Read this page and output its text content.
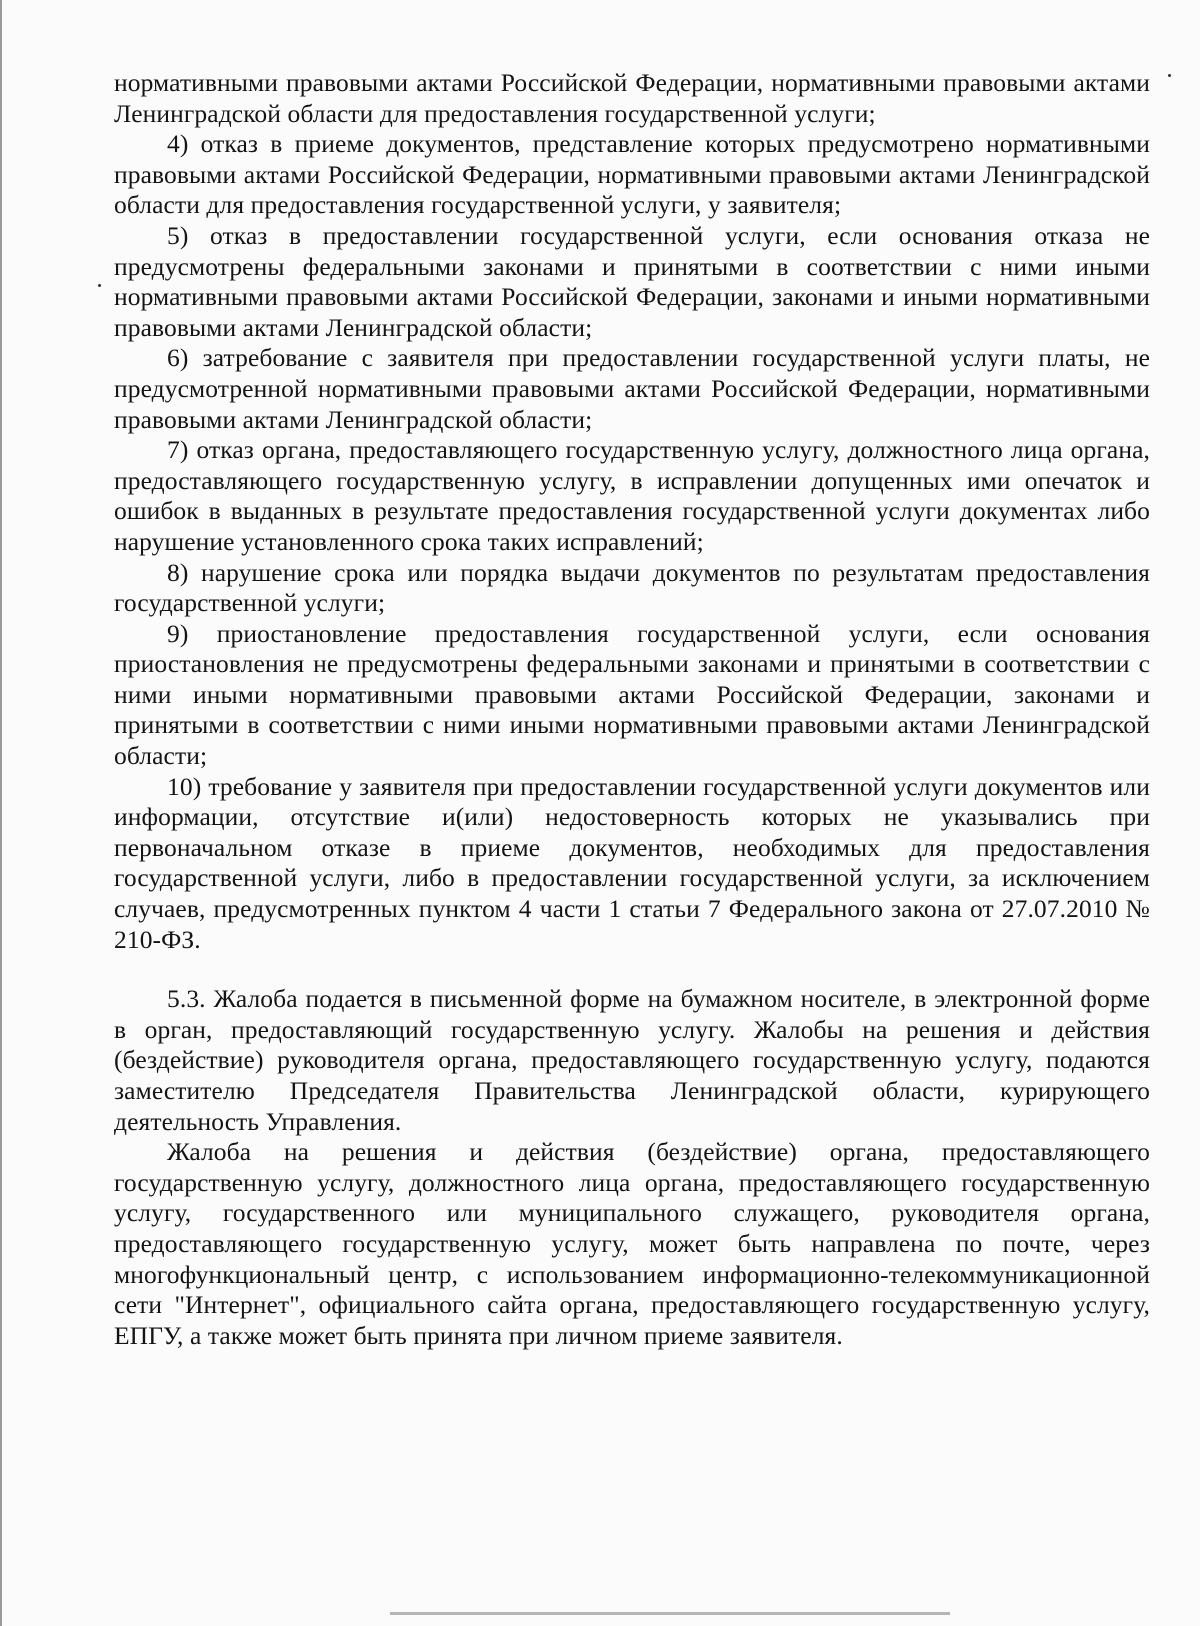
нормативными правовыми актами Российской Федерации, нормативными правовыми актами Ленинградской области для предоставления государственной услуги;

4) отказ в приеме документов, представление которых предусмотрено нормативными правовыми актами Российской Федерации, нормативными правовыми актами Ленинградской области для предоставления государственной услуги, у заявителя;

5) отказ в предоставлении государственной услуги, если основания отказа не предусмотрены федеральными законами и принятыми в соответствии с ними иными нормативными правовыми актами Российской Федерации, законами и иными нормативными правовыми актами Ленинградской области;

6) затребование с заявителя при предоставлении государственной услуги платы, не предусмотренной нормативными правовыми актами Российской Федерации, нормативными правовыми актами Ленинградской области;

7) отказ органа, предоставляющего государственную услугу, должностного лица органа, предоставляющего государственную услугу, в исправлении допущенных ими опечаток и ошибок в выданных в результате предоставления государственной услуги документах либо нарушение установленного срока таких исправлений;

8) нарушение срока или порядка выдачи документов по результатам предоставления государственной услуги;

9) приостановление предоставления государственной услуги, если основания приостановления не предусмотрены федеральными законами и принятыми в соответствии с ними иными нормативными правовыми актами Российской Федерации, законами и принятыми в соответствии с ними иными нормативными правовыми актами Ленинградской области;

10) требование у заявителя при предоставлении государственной услуги документов или информации, отсутствие и(или) недостоверность которых не указывались при первоначальном отказе в приеме документов, необходимых для предоставления государственной услуги, либо в предоставлении государственной услуги, за исключением случаев, предусмотренных пунктом 4 части 1 статьи 7 Федерального закона от 27.07.2010 № 210-ФЗ.

5.3. Жалоба подается в письменной форме на бумажном носителе, в электронной форме в орган, предоставляющий государственную услугу. Жалобы на решения и действия (бездействие) руководителя органа, предоставляющего государственную услугу, подаются заместителю Председателя Правительства Ленинградской области, курирующего деятельность Управления.

Жалоба на решения и действия (бездействие) органа, предоставляющего государственную услугу, должностного лица органа, предоставляющего государственную услугу, государственного или муниципального служащего, руководителя органа, предоставляющего государственную услугу, может быть направлена по почте, через многофункциональный центр, с использованием информационно-телекоммуникационной сети "Интернет", официального сайта органа, предоставляющего государственную услугу, ЕПГУ, а также может быть принята при личном приеме заявителя.
